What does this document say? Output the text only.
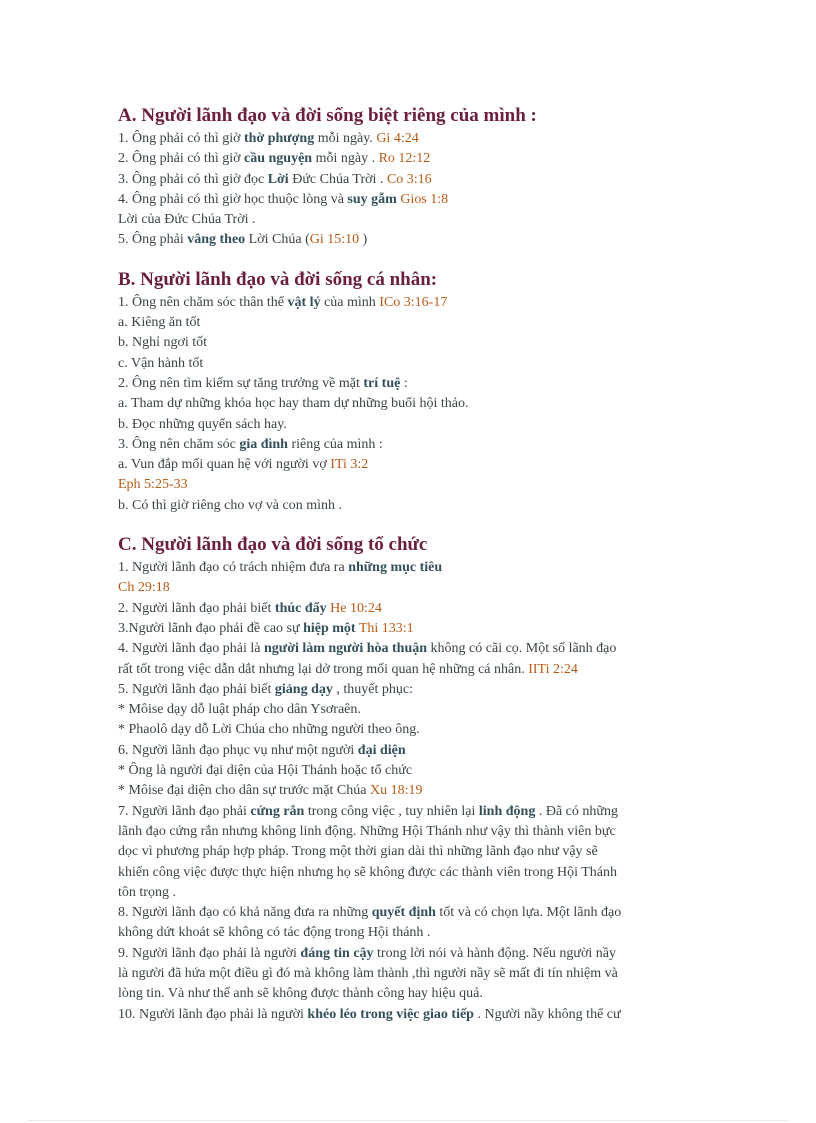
A. Người lãnh đạo và đời sống biệt riêng của mình :
1. Ông phải có thì giờ thờ phượng mỗi ngày. Gi 4:24
2. Ông phải có thì giờ cầu nguyện mỗi ngày . Ro 12:12
3. Ông phải có thì giờ đọc Lời Đức Chúa Trời . Co 3:16
4. Ông phải có thì giờ học thuộc lòng và suy gẫm Gios 1:8
Lời của Đức Chúa Trời .
5. Ông phải vâng theo Lời Chúa (Gi 15:10 )
B. Người lãnh đạo và đời sống cá nhân:
1. Ông nên chăm sóc thân thể vật lý của mình ICo 3:16-17
a. Kiêng ăn tốt
b. Nghỉ ngơi tốt
c. Vận hành tốt
2. Ông nên tìm kiếm sự tăng trưởng về mặt trí tuệ :
a. Tham dự những khóa học hay tham dự những buổi hội thảo.
b. Đọc những quyển sách hay.
3. Ông nên chăm sóc gia đình riêng của mình :
a. Vun đắp mối quan hệ với người vợ ITi 3:2
Eph 5:25-33
b. Có thì giờ riêng cho vợ và con mình .
C. Người lãnh đạo và đời sống tổ chức
1. Người lãnh đạo có trách nhiệm đưa ra những mục tiêu
Ch 29:18
2. Người lãnh đạo phải biết thúc đẩy He 10:24
3.Người lãnh đạo phải đề cao sự hiệp một Thi 133:1
4. Người lãnh đạo phải là người làm người hòa thuận không có cãi cọ. Một số lãnh đạo
rất tốt trong việc dẫn dắt nhưng lại dở trong mối quan hệ những cá nhân. IITi 2:24
5. Người lãnh đạo phải biết giảng dạy , thuyết phục:
* Môise dạy dỗ luật pháp cho dân Ysơraên.
* Phaolô dạy dỗ Lời Chúa cho những người theo ông.
6. Người lãnh đạo phục vụ như một người đại diện
* Ông là người đại diện của Hội Thánh hoặc tổ chức
* Môise đại diện cho dân sự trước mặt Chúa Xu 18:19
7. Người lãnh đạo phải cứng rắn trong công việc , tuy nhiên lại linh động . Đã có những
lãnh đạo cứng rắn nhưng không linh động. Những Hội Thánh như vậy thì thành viên bực
dọc vì phương pháp hợp pháp. Trong một thời gian dài thì những lãnh đạo như vậy sẽ
khiến công việc được thực hiện nhưng họ sẽ không được các thành viên trong Hội Thánh
tôn trọng .
8. Người lãnh đạo có khả năng đưa ra những quyết định tốt và có chọn lựa. Một lãnh đạo
không dứt khoát sẽ không có tác động trong Hội thánh .
9. Người lãnh đạo phải là người đáng tin cậy trong lời nói và hành động. Nếu người nầy
là người đã hứa một điều gì đó mà không làm thành ,thì người nầy sẽ mất đi tín nhiệm và
lòng tin. Và như thế anh sẽ không được thành công hay hiệu quả.
10. Người lãnh đạo phải là người khéo léo trong việc giao tiếp . Người nầy không thể cư
